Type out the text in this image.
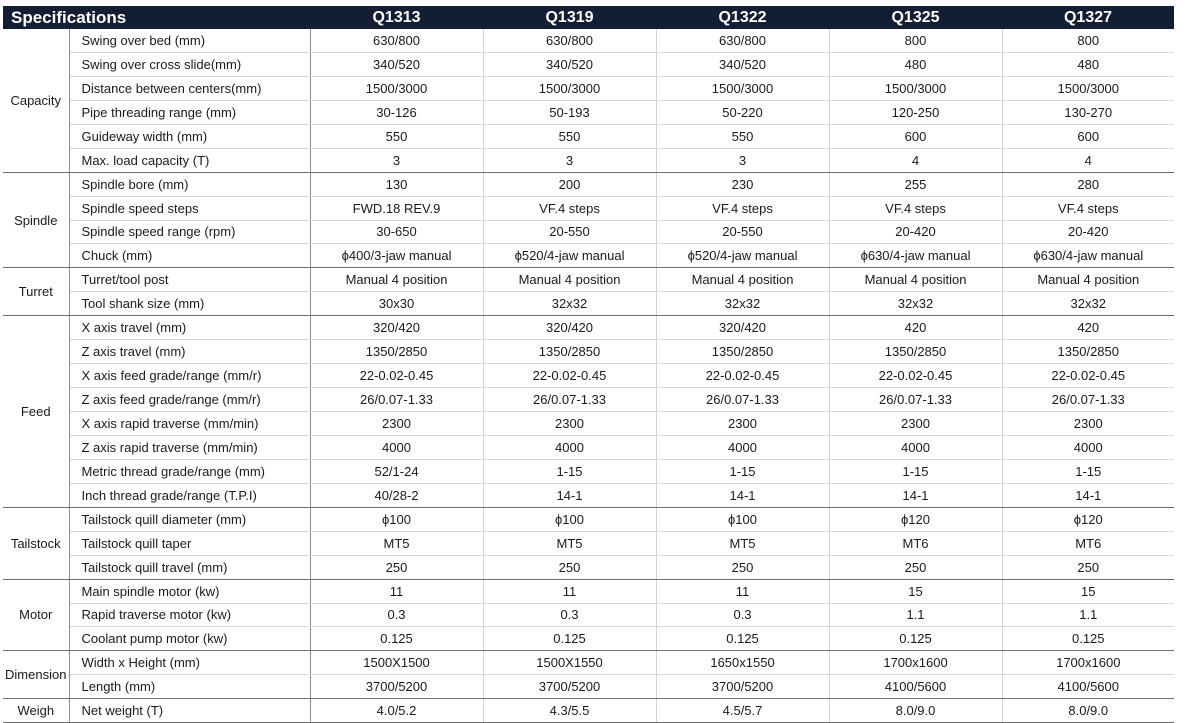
Specifications		Q1313	Q1319	Q1322	Q1325	Q1327
Capacity	Swing over bed (mm)	630/800	630/800	630/800	800	800
	Swing over cross slide(mm)	340/520	340/520	340/520	480	480
	Distance between centers(mm)	1500/3000	1500/3000	1500/3000	1500/3000	1500/3000
	Pipe threading range (mm)	30-126	50-193	50-220	120-250	130-270
	Guideway width (mm)	550	550	550	600	600
	Max. load capacity (T)	3	3	3	4	4
Spindle	Spindle bore (mm)	130	200	230	255	280
	Spindle speed steps	FWD.18 REV.9	VF.4 steps	VF.4 steps	VF.4 steps	VF.4 steps
	Spindle speed range (rpm)	30-650	20-550	20-550	20-420	20-420
	Chuck (mm)	ϕ400/3-jaw manual	ϕ520/4-jaw manual	ϕ520/4-jaw manual	ϕ630/4-jaw manual	ϕ630/4-jaw manual
Turret	Turret/tool post	Manual 4 position	Manual 4 position	Manual 4 position	Manual 4 position	Manual 4 position
	Tool shank size (mm)	30x30	32x32	32x32	32x32	32x32
Feed	X axis travel (mm)	320/420	320/420	320/420	420	420
	Z axis travel (mm)	1350/2850	1350/2850	1350/2850	1350/2850	1350/2850
	X axis feed grade/range (mm/r)	22-0.02-0.45	22-0.02-0.45	22-0.02-0.45	22-0.02-0.45	22-0.02-0.45
	Z axis feed grade/range (mm/r)	26/0.07-1.33	26/0.07-1.33	26/0.07-1.33	26/0.07-1.33	26/0.07-1.33
	X axis rapid traverse (mm/min)	2300	2300	2300	2300	2300
	Z axis rapid traverse (mm/min)	4000	4000	4000	4000	4000
	Metric thread grade/range (mm)	52/1-24	1-15	1-15	1-15	1-15
	Inch thread grade/range (T.P.I)	40/28-2	14-1	14-1	14-1	14-1
Tailstock	Tailstock quill diameter (mm)	ϕ100	ϕ100	ϕ100	ϕ120	ϕ120
	Tailstock quill taper	MT5	MT5	MT5	MT6	MT6
	Tailstock quill travel (mm)	250	250	250	250	250
Motor	Main spindle motor (kw)	11	11	11	15	15
	Rapid traverse motor (kw)	0.3	0.3	0.3	1.1	1.1
	Coolant pump motor (kw)	0.125	0.125	0.125	0.125	0.125
Dimension	Width x Height (mm)	1500X1500	1500X1550	1650x1550	1700x1600	1700x1600
	Length (mm)	3700/5200	3700/5200	3700/5200	4100/5600	4100/5600
Weigh	Net weight (T)	4.0/5.2	4.3/5.5	4.5/5.7	8.0/9.0	8.0/9.0
